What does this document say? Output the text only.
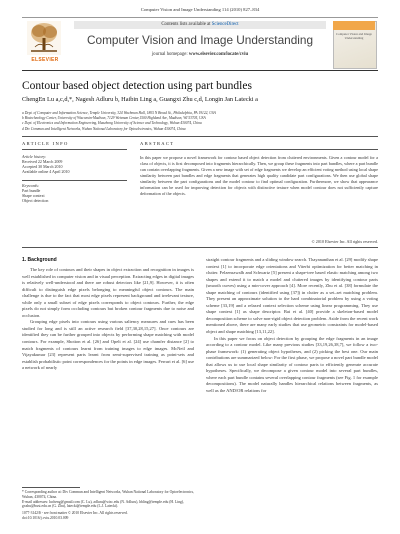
Computer Vision and Image Understanding 114 (2010) 827–834
ELSEVIER
Contents lists available at ScienceDirect
Computer Vision and Image Understanding
journal homepage: www.elsevier.com/locate/cviu
Computer Vision and Image Understanding
Contour based object detection using part bundles
ChengEn Lu a,c,d,*, Nagesh Adluru b, Haibin Ling a, Guangxi Zhu c,d, Longin Jan Latecki a
a Dept. of Computer and Information Science, Temple University, 324 Wachman Hall, 1805 N Broad St., Philadelphia, PA 19122, USA
b Biotechnology Center, University of Wisconsin-Madison, 7129 Weisman Center,1500 Highland Ave, Madison, WI 53705, USA
c Dept. of Electronics and Information Engineering, Huazhong University of Science and Technology, Wuhan 430074, China
d Div Commun and Intelligent Networks, Wuhan National Laboratory for Optoelectronics, Wuhan 430074, China
ARTICLE INFO	ABSTRACT
Article history:
Received 22 March 2009
Accepted 30 March 2010
Available online 4 April 2010
Keywords:
Part bundle
Shape context
Object detection
In this paper we propose a novel framework for contour based object detection from cluttered environments. Given a contour model for a class of objects, it is first decomposed into fragments hierarchically. Then, we group these fragments into part bundles, where a part bundle can contain overlapping fragments. Given a new image with set of edge fragments we develop an efficient voting method using local shape similarity between part bundles and edge fragments that generates high quality candidate part configurations. We then use global shape similarity between the part configurations and the model contour to find optimal configuration. Furthermore, we show that appearance information can be used for improving detection for objects with distinctive texture when model contour does not sufficiently capture deformation of the objects.
© 2010 Elsevier Inc. All rights reserved.
1. Background

The key role of contours and their shapes in object extraction and recognition in images is well established in computer vision and in visual perception. Extracting edges in digital images is relatively well-understood and there are robust detectors like [21,9]. However, it is often difficult to distinguish edge pixels belonging to meaningful object contours. The main challenge is due to the fact that most edge pixels represent background and irrelevant texture, while only a small subset of edge pixels corresponds to object contours. Further, the edge pixels do not simply form occluding contours but broken contour fragments due to noise and occlusion.

Grouping edge pixels into contours using various saliency measures and cues has been studied for long and is still an active research field [37,30,28,15,27]. Once contours are identified they can be further grouped into objects by performing shape matching with model contours. For example, Shotton et al. [26] and Opelt et al. [24] use chamfer distance [2] to match fragments of contours learnt from training images to edge images. McNeil and Vijayakumar [23] represent parts learnt from semi-supervised training as point-sets and establish probabilistic point correspondences for the points in edge images. Ferrari et al. [6] use a network of nearly

straight contour fragments and a sliding window search. Thayananthan et al. [29] modify shape context [1] to incorporate edge orientations and Viterbi optimization for better matching in clutter. Felzenszwalb and Schwartz [5] present a shape-tree based elastic matching among two shapes and extend it to match a model and cluttered images by identifying contour parts (smooth curves) using a min-cover approach [4]. More recently, Zhu et al. [38] formulate the shape matching of contours (identified using [37]) in clutter as a set–set matching problem. They present an approximate solution to the hard combinatorial problem by using a voting scheme [33,19] and a relaxed context selection scheme using linear programming. They use shape context [1] as shape descriptor. Bai et al. [40] provide a skeleton-based model decomposition scheme to solve non-rigid object detection problem. Aside from the recent work mentioned above, there are many early studies that use geometric constraints for model-based object and shape matching [13,11,22].

In this paper we focus on object detection by grouping the edge fragments in an image according to a contour model. Like many previous studies [33,19,26,38,7], we follow a two-phase framework: (1) generating object hypotheses, and (2) picking the best one. Our main contributions are summarized below: For the first phase, we propose a novel part bundle model that allows us to use local shape similarity of contour parts to efficiently generate accurate hypotheses. Specifically, we decompose a given contour model into several part bundles, where each part bundle contains several overlapping contour fragments (see Fig. 1 for example decompositions). The model naturally handles hierarchical relations between fragments, as well as the AND/OR relations for

* Corresponding author at: Div Commun and Intelligent Networks, Wuhan National Laboratory for Optoelectronics, Wuhan, 430074, China.
E-mail addresses: lucheng@gmail.com (C. Lu), adluru@wisc.edu (N. Adluru), hbling@temple.edu (H. Ling), gxzhu@hust.edu.cn (G. Zhu), latecki@temple.edu (L.J. Latecki).
1077-3142/$ - see front matter © 2010 Elsevier Inc. All rights reserved.
doi:10.1016/j.cviu.2010.03.009
